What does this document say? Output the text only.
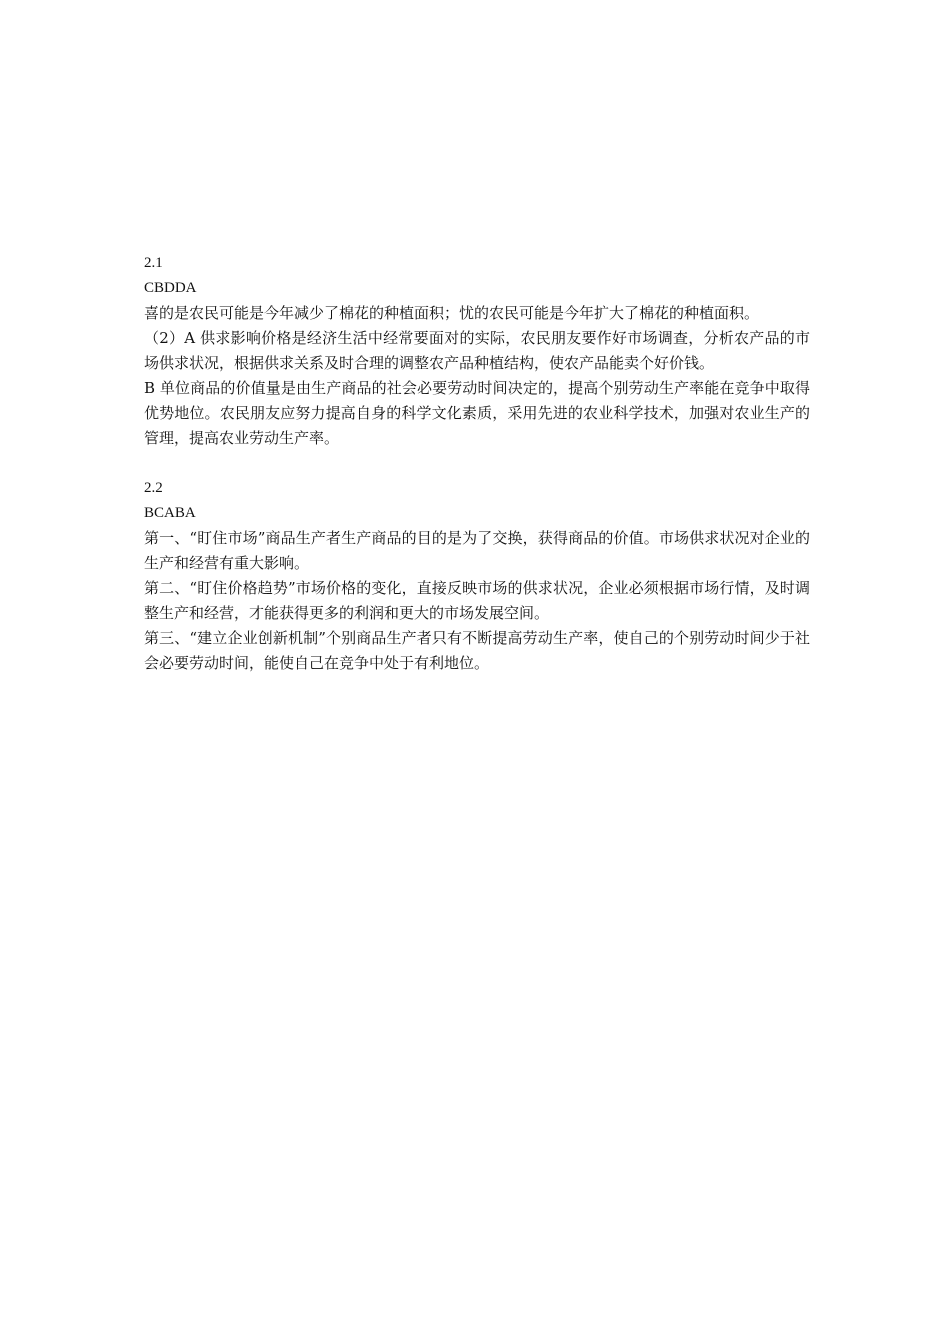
2.1

CBDDA

喜的是农民可能是今年减少了棉花的种植面积；忧的农民可能是今年扩大了棉花的种植面积。

（2）A 供求影响价格是经济生活中经常要面对的实际，农民朋友要作好市场调查，分析农产品的市场供求状况，根据供求关系及时合理的调整农产品种植结构，使农产品能卖个好价钱。

B 单位商品的价值量是由生产商品的社会必要劳动时间决定的，提高个别劳动生产率能在竞争中取得优势地位。农民朋友应努力提高自身的科学文化素质，采用先进的农业科学技术，加强对农业生产的管理，提高农业劳动生产率。

2.2

BCABA

第一、“盯住市场”商品生产者生产商品的目的是为了交换，获得商品的价值。市场供求状况对企业的生产和经营有重大影响。

第二、“盯住价格趋势”市场价格的变化，直接反映市场的供求状况，企业必须根据市场行情，及时调整生产和经营，才能获得更多的利润和更大的市场发展空间。

第三、“建立企业创新机制”个别商品生产者只有不断提高劳动生产率，使自己的个别劳动时间少于社会必要劳动时间，能使自己在竞争中处于有利地位。
